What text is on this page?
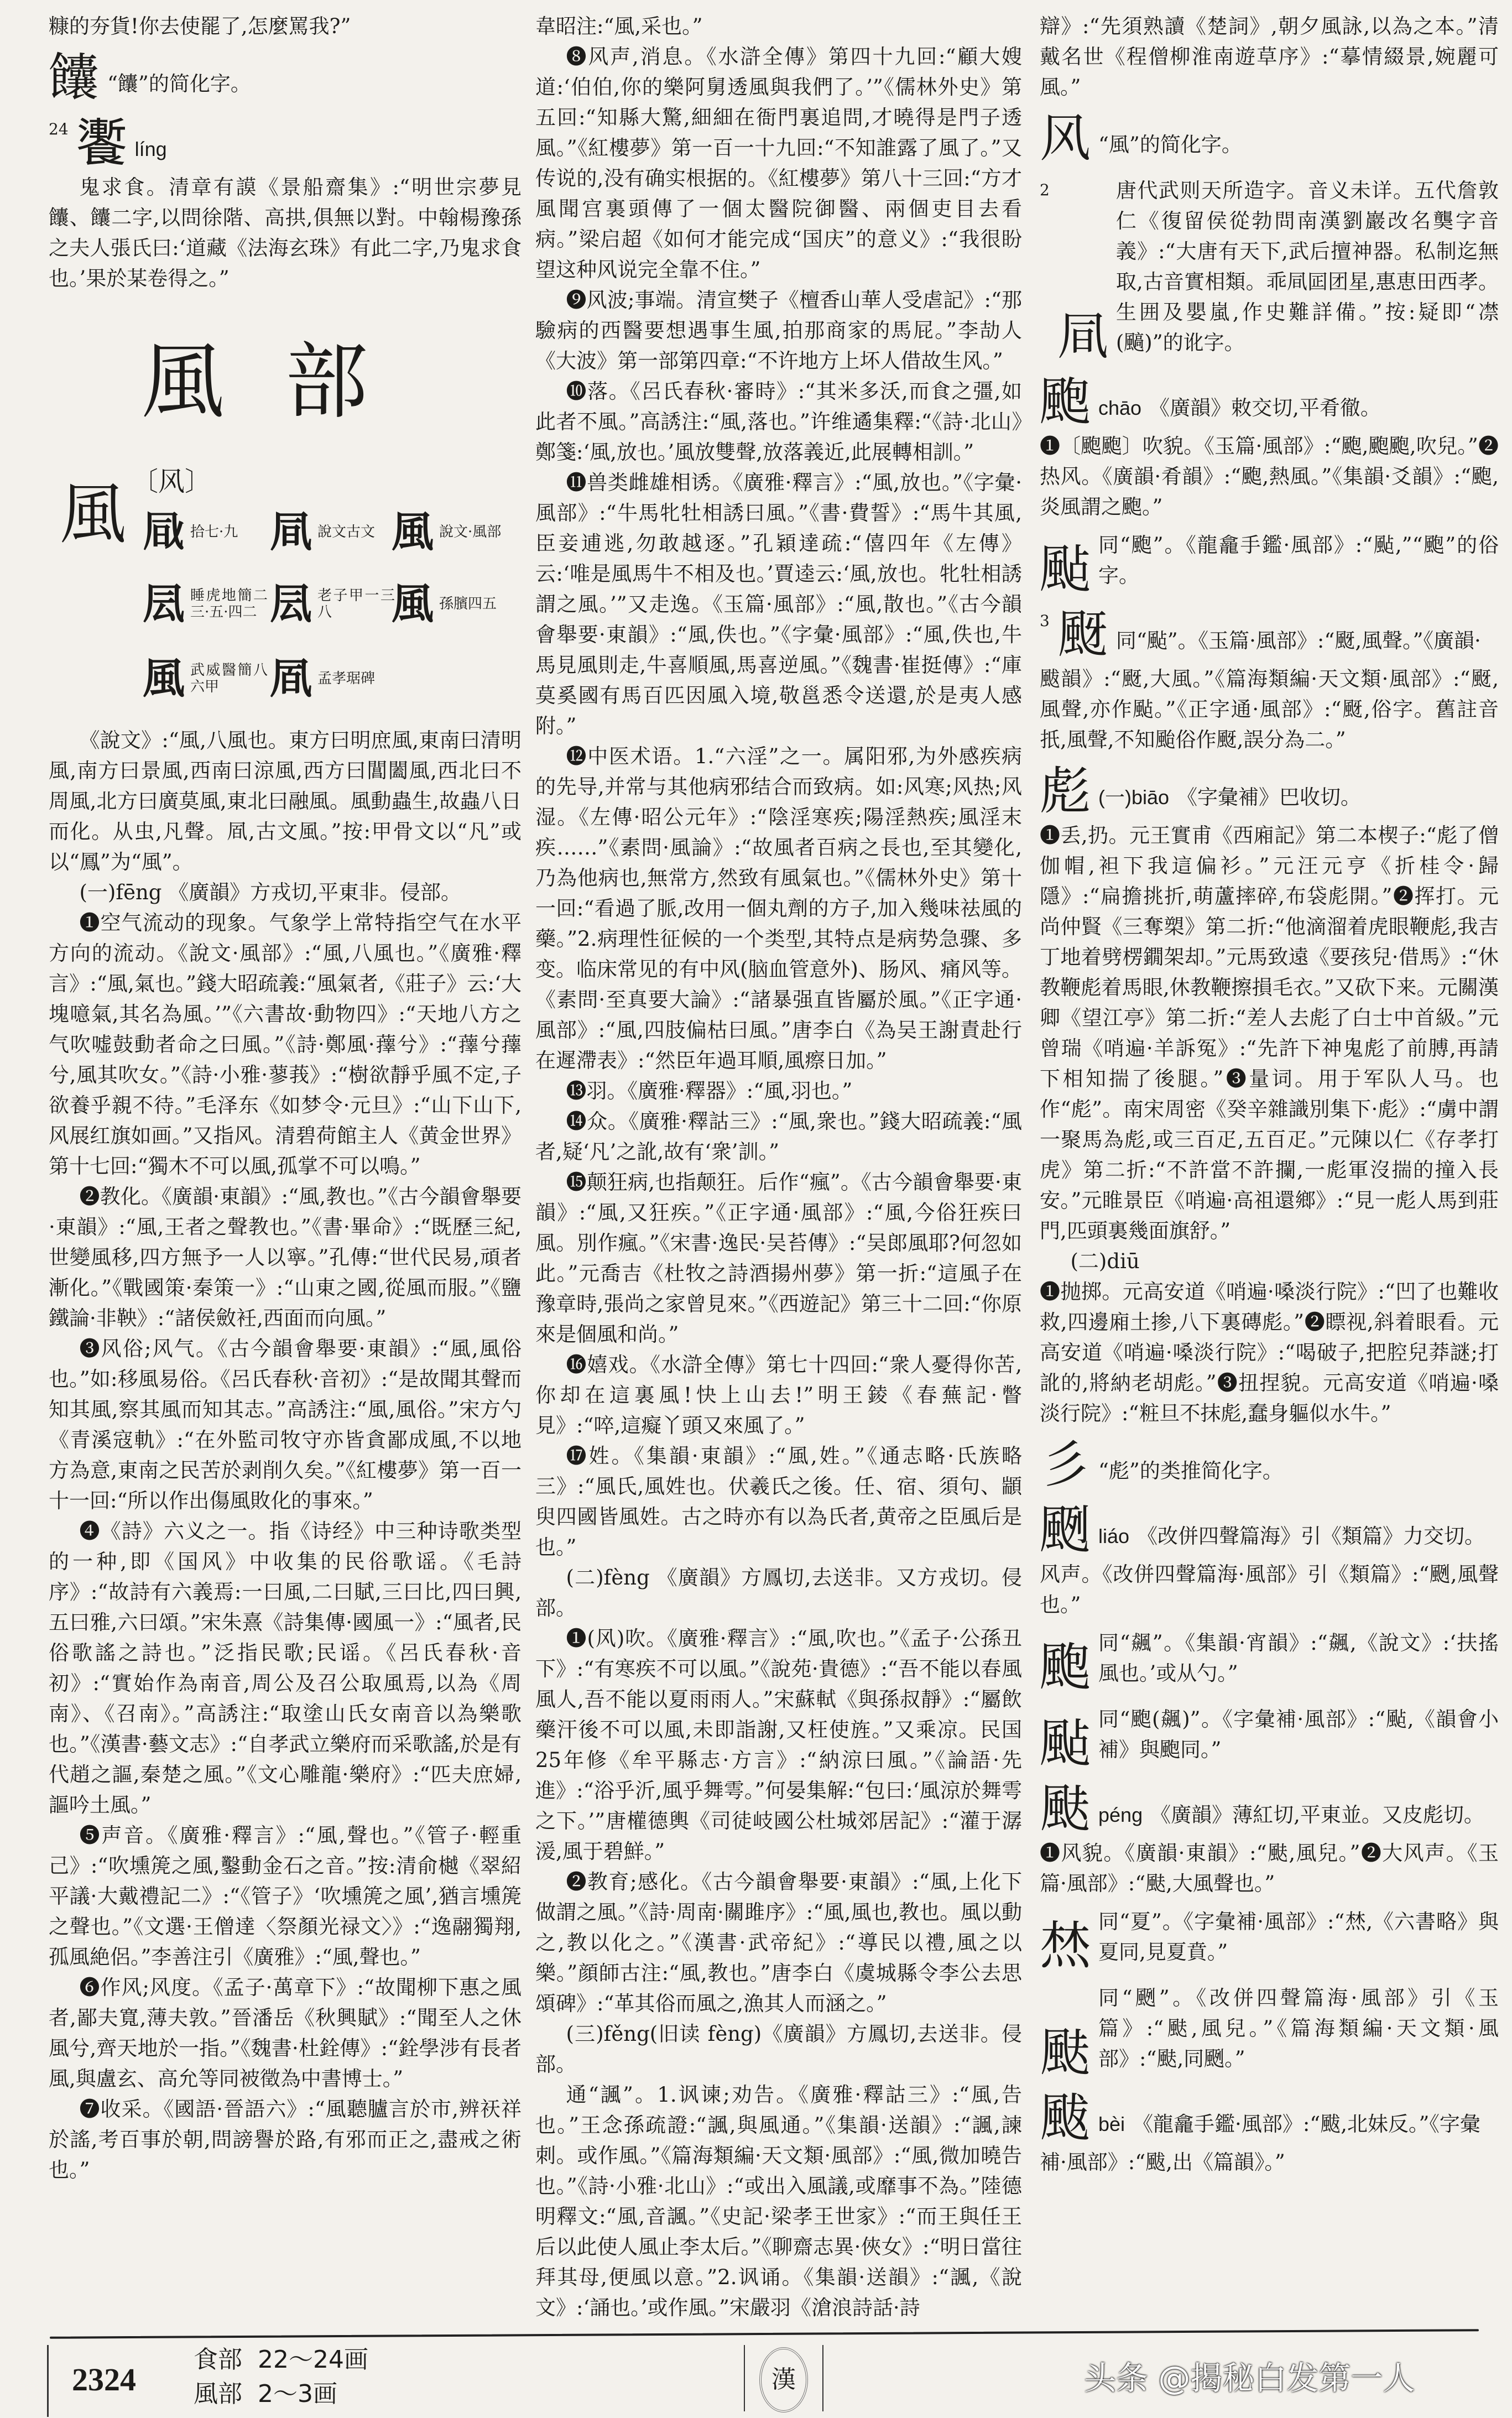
糠的夯貨!你去使罷了,怎麼罵我?”

饢 “饢”的简化字。
24 𩟗 líng

鬼求食。清章有謨《景船齋集》:“明世宗夢見饢、饢二字,以問徐階、高拱,俱無以對。中翰楊豫孫之夫人張氏曰:‘道藏《法海玄珠》有此二字,乃鬼求食也。’果於某卷得之。”

風部
風 〔风〕
𠙊 拾七·九 凬 說文古文 風 說文·風部
凨 睡虎地簡二三·五·四二 凨 老子甲一三八	風 孫臏四五
風 武威醫簡八六甲	凮 孟孝琚碑

《說文》:“風,八風也。東方曰明庶風,東南曰清明風,南方曰景風,西南曰涼風,西方曰閶闔風,西北曰不周風,北方曰廣莫風,東北曰融風。風動蟲生,故蟲八日而化。从虫,凡聲。凮,古文風。”按:甲骨文以“凡”或以“鳳”为“風”。

(一)fēng 《廣韻》方戎切,平東非。侵部。

❶空气流动的现象。气象学上常特指空气在水平方向的流动。《說文·風部》:“風,八風也。”《廣雅·釋言》:“風,氣也。”錢大昭疏義:“風氣者,《莊子》云:‘大塊噫氣,其名為風。’”《六書故·動物四》:“天地八方之气吹嘘鼓動者命之曰風。”《詩·鄭風·蘀兮》:“蘀兮蘀兮,風其吹女。”《詩·小雅·蓼莪》:“樹欲靜乎風不定,子欲養乎親不待。”毛泽东《如梦令·元旦》:“山下山下,风展红旗如画。”又指风。清碧荷館主人《黄金世界》第十七回:“獨木不可以風,孤掌不可以鳴。”

❷教化。《廣韻·東韻》:“風,教也。”《古今韻會舉要·東韻》:“風,王者之聲教也。”《書·畢命》:“既歷三紀,世變風移,四方無予一人以寧。”孔傳:“世代民易,頑者漸化。”《戰國策·秦策一》:“山東之國,從風而服。”《鹽鐵論·非鞅》:“諸侯斂衽,西面而向風。”

❸风俗;风气。《古今韻會舉要·東韻》:“風,風俗也。”如:移風易俗。《呂氏春秋·音初》:“是故聞其聲而知其風,察其風而知其志。”高誘注:“風,風俗。”宋方勺《青溪寇軌》:“在外監司牧守亦皆貪鄙成風,不以地方為意,東南之民苦於剥削久矣。”《紅樓夢》第一百一十一回:“所以作出傷風敗化的事來。”

❹《詩》六义之一。指《诗经》中三种诗歌类型的一种,即《国风》中收集的民俗歌谣。《毛詩序》:“故詩有六義焉:一曰風,二曰賦,三曰比,四曰興,五曰雅,六曰頌。”宋朱熹《詩集傳·國風一》:“風者,民俗歌謠之詩也。”泛指民歌;民谣。《呂氏春秋·音初》:“實始作為南音,周公及召公取風焉,以為《周南》、《召南》。”高誘注:“取塗山氏女南音以為樂歌也。”《漢書·藝文志》:“自孝武立樂府而采歌謠,於是有代趙之謳,秦楚之風。”《文心雕龍·樂府》:“匹夫庶婦,謳吟土風。”

❺声音。《廣雅·釋言》:“風,聲也。”《管子·輕重己》:“吹壎箎之風,鑿動金石之音。”按:清俞樾《翠紹平議·大戴禮記二》:“《管子》‘吹壎箎之風’,猶言壎箎之聲也。”《文選·王僧達〈祭顏光禄文〉》:“逸翮獨翔,孤風絶侶。”李善注引《廣雅》:“風,聲也。”

❻作风;风度。《孟子·萬章下》:“故聞柳下惠之風者,鄙夫寬,薄夫敦。”晉潘岳《秋興賦》:“聞至人之休風兮,齊天地於一指。”《魏書·杜銓傳》:“銓學涉有長者風,與盧玄、高允等同被徵為中書博士。”

❼收采。《國語·晉語六》:“風聽臚言於市,辨祆祥於謠,考百事於朝,問謗譽於路,有邪而正之,盡戒之術也。”

韋昭注:“風,采也。”

❽风声,消息。《水滸全傳》第四十九回:“顧大嫂道:‘伯伯,你的樂阿舅透風與我們了。’”《儒林外史》第五回:“知縣大驚,細細在衙門裏追問,才曉得是門子透風。”《紅樓夢》第一百一十九回:“不知誰露了風了。”又传说的,没有确实根据的。《紅樓夢》第八十三回:“方才風聞宫裏頭傳了一個太醫院御醫、兩個吏目去看病。”梁启超《如何才能完成“国庆”的意义》:“我很盼望这种风说完全靠不住。”

❾风波;事端。清宣樊子《檀香山華人受虐記》:“那驗病的西醫要想遇事生風,拍那商家的馬屁。”李劼人《大波》第一部第四章:“不许地方上坏人借故生风。”

❿落。《呂氏春秋·審時》:“其米多沃,而食之彊,如此者不風。”高誘注:“風,落也。”许维遹集釋:“《詩·北山》鄭箋:‘風,放也。’風放雙聲,放落義近,此展轉相訓。”

⓫兽类雌雄相诱。《廣雅·釋言》:“風,放也。”《字彙·風部》:“牛馬牝牡相誘曰風。”《書·費誓》:“馬牛其風,臣妾逋逃,勿敢越逐。”孔穎達疏:“僖四年《左傳》云:‘唯是風馬牛不相及也。’賈逵云:‘風,放也。牝牡相誘謂之風。’”又走逸。《玉篇·風部》:“風,散也。”《古今韻會舉要·東韻》:“風,佚也。”《字彙·風部》:“風,佚也,牛馬見風則走,牛喜順風,馬喜逆風。”《魏書·崔挺傳》:“庫莫奚國有馬百匹因風入境,敬邕悉令送還,於是夷人感附。”

⓬中医术语。1.“六淫”之一。属阳邪,为外感疾病的先导,并常与其他病邪结合而致病。如:风寒;风热;风湿。《左傳·昭公元年》:“陰淫寒疾;陽淫熱疾;風淫末疾……”《素問·風論》:“故風者百病之長也,至其變化,乃為他病也,無常方,然致有風氣也。”《儒林外史》第十一回:“看過了脈,改用一個丸劑的方子,加入幾味祛風的藥。”2.病理性征候的一个类型,其特点是病势急骤、多变。临床常见的有中风(脑血管意外)、肠风、痛风等。《素問·至真要大論》:“諸暴强直皆屬於風。”《正字通·風部》:“風,四肢偏枯曰風。”唐李白《為吴王謝責赴行在遲滯表》:“然臣年過耳順,風瘵日加。”

⓭羽。《廣雅·釋器》:“風,羽也。”

⓮众。《廣雅·釋詁三》:“風,衆也。”錢大昭疏義:“風者,疑‘凡’之訛,故有‘衆’訓。”

⓯颠狂病,也指颠狂。后作“瘋”。《古今韻會舉要·東韻》:“風,又狂疾。”《正字通·風部》:“風,今俗狂疾曰風。別作瘋。”《宋書·逸民·吴苔傳》:“吴郎風耶?何忽如此。”元喬吉《杜牧之詩酒揚州夢》第一折:“這風子在豫章時,張尚之家曾見來。”《西遊記》第三十二回:“你原來是個風和尚。”

⓰嬉戏。《水滸全傳》第七十四回:“衆人憂得你苦,你却在這裏風!快上山去!”明王錂《春蕪記·瞥見》:“啐,這癡丫頭又來風了。”

⓱姓。《集韻·東韻》:“風,姓。”《通志略·氏族略三》:“風氏,風姓也。伏羲氏之後。任、宿、須句、顓臾四國皆風姓。古之時亦有以為氏者,黄帝之臣風后是也。”

(二)fèng 《廣韻》方鳳切,去送非。又方戎切。侵部。

❶(风)吹。《廣雅·釋言》:“風,吹也。”《孟子·公孫丑下》:“有寒疾不可以風。”《說苑·貴德》:“吾不能以春風風人,吾不能以夏雨雨人。”宋蘇軾《與孫叔靜》:“屬飲藥汗後不可以風,未即詣謝,又枉使旌。”又乘凉。民国25年修《牟平縣志·方言》:“納涼曰風。”《論語·先進》:“浴乎沂,風乎舞雩。”何晏集解:“包曰:‘風涼於舞雩之下。’”唐權德輿《司徒岐國公杜城郊居記》:“灌于潺湲,風于碧鮮。”

❷教育;感化。《古今韻會舉要·東韻》:“風,上化下做謂之風。”《詩·周南·關雎序》:“風,風也,教也。風以動之,教以化之。”《漢書·武帝紀》:“導民以禮,風之以樂。”顔師古注:“風,教也。”唐李白《虞城縣令李公去思頌碑》:“革其俗而風之,漁其人而涵之。”

(三)fěng(旧读 fèng)《廣韻》方鳳切,去送非。侵部。

通“諷”。1.讽谏;劝告。《廣雅·釋詁三》:“風,告也。”王念孫疏證:“諷,與風通。”《集韻·送韻》:“諷,諫刺。或作風。”《篇海類編·天文類·風部》:“風,微加曉告也。”《詩·小雅·北山》:“或出入風議,或靡事不為。”陸德明釋文:“風,音諷。”《史記·梁孝王世家》:“而王與任王后以此使人風止李太后。”《聊齋志異·俠女》:“明日當往拜其母,便風以意。”2.讽诵。《集韻·送韻》:“諷,《說文》:‘誦也。’或作風。”宋嚴羽《滄浪詩話·詩

辯》:“先須熟讀《楚詞》,朝夕風詠,以為之本。”清戴名世《程僧柳淮南遊草序》:“摹情綴景,婉麗可風。”

风 “風”的简化字。
2
凬
唐代武则天所造字。音义未详。五代詹敦仁《復留侯從勃問南漢劉巖改名龑字音義》:“大唐有天下,武后擅神器。私制迄無取,古音實相類。乖凬囸团星,惠恵田西孝。生囲及嬰嵐,作史難詳備。”按:疑即“凚(䬘)”的讹字。
颮 chāo 《廣韻》敕交切,平肴徹。

❶〔颮颮〕吹貌。《玉篇·風部》:“颮,颮颮,吹兒。”❷热风。《廣韻·肴韻》:“颮,熱風。”《集韻·爻韻》:“颮,炎風謂之颮。”

颭 同“颮”。《龍龕手鑑·風部》:“颭,”“颮”的俗字。
3 颬 同“颭”。《玉篇·風部》:“颬,風聲。”《廣韻·

颰韻》:“颬,大風。”《篇海類編·天文類·風部》:“颬,風聲,亦作颭。”《正字通·風部》:“颬,俗字。舊註音扺,風聲,不知颱俗作颬,誤分為二。”

彪 (一)biāo 《字彙補》巴收切。

❶丢,扔。元王實甫《西廂記》第二本楔子:“彪了僧伽帽,袒下我這偏衫。”元汪元亨《折桂令·歸隱》:“扁擔挑折,萌蘆摔碎,布袋彪開。”❷挥打。元尚仲賢《三奪槊》第二折:“他滴溜着虎眼鞭彪,我吉丁地着劈楞鐗架却。”元馬致遠《要孩兒·借馬》:“休教鞭彪着馬眼,休教鞭擦損毛衣。”又砍下来。元關漢卿《望江亭》第二折:“差人去彪了白士中首級。”元曾瑞《哨遍·羊訴冤》:“先許下神鬼彪了前膊,再請下相知揣了後腿。”❸量词。用于军队人马。也作“彪”。南宋周密《癸辛雜識別集下·彪》:“虜中謂一聚馬為彪,或三百疋,五百疋。”元陳以仁《存孝打虎》第二折:“不許當不許攔,一彪軍沒揣的撞入長安。”元睢景臣《哨遍·高祖還鄉》:“見一彪人馬到莊門,匹頭裏幾面旗舒。”

(二)diū

❶抛掷。元高安道《哨遍·嗓淡行院》:“凹了也難收救,四邊廂土掺,八下裏磚彪。”❷瞟视,斜着眼看。元高安道《哨遍·嗓淡行院》:“喝破子,把腔兒莽謎;打訛的,將納老胡彪。”❸扭捏貌。元高安道《哨遍·嗓淡行院》:“粧旦不抹彪,蠢身軀似水牛。”

彡 “彪”的类推简化字。
颲 liáo 《改併四聲篇海》引《類篇》力交切。

风声。《改併四聲篇海·風部》引《類篇》:“颲,風聲也。”

颮 同“飆”。《集韻·宵韻》:“飆,《說文》:‘扶搖風也。’或从勺。”
颭 同“颮(飆)”。《字彙補·風部》:“颭,《韻會小補》與颮同。”
颫 péng 《廣韻》薄紅切,平東並。又皮彪切。

❶风貌。《廣韻·東韻》:“颫,風兒。”❷大风声。《玉篇·風部》:“颫,大風聲也。”

㷊 同“夏”。《字彙補·風部》:“㷊,《六書略》與夏同,見夏賁。”
颫
同“颲”。《改併四聲篇海·風部》引《玉篇》:“颫,風兒。”《篇海類編·天文類·風部》:“颫,同颲。”
颰 bèi 《龍龕手鑑·風部》:“颰,北妹反。”《字彙

補·風部》:“颰,出《篇韻》。”

2324
食部 22～24画
風部 2～3画
漢	头条 @揭秘白发第一人
